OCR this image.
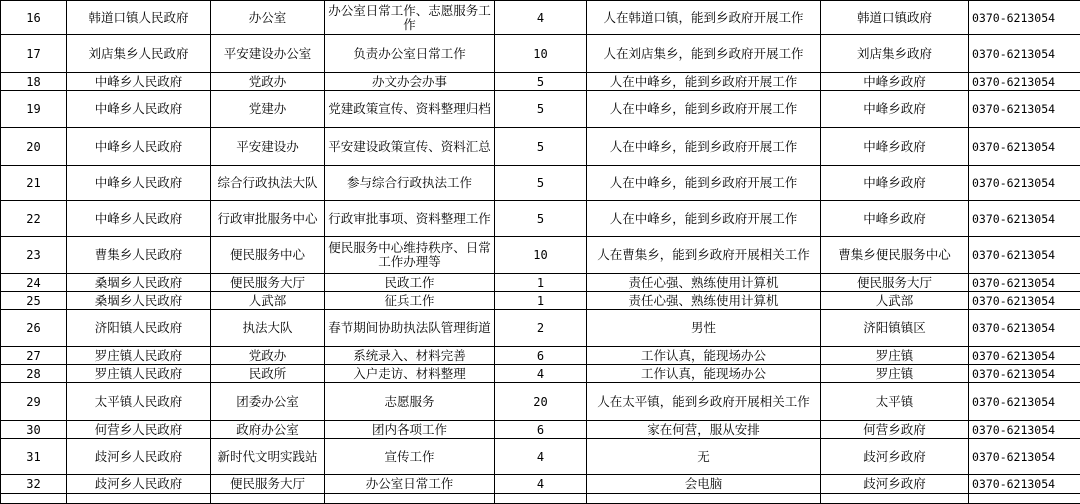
16	韩道口镇人民政府	办公室	办公室日常工作、志愿服务工作	4	人在韩道口镇，能到乡政府开展工作	韩道口镇政府	0370-6213054
17	刘店集乡人民政府	平安建设办公室	负责办公室日常工作	10	人在刘店集乡，能到乡政府开展工作	刘店集乡政府	0370-6213054
18	中峰乡人民政府	党政办	办文办会办事	5	人在中峰乡，能到乡政府开展工作	中峰乡政府	0370-6213054
19	中峰乡人民政府	党建办	党建政策宣传、资料整理归档	5	人在中峰乡，能到乡政府开展工作	中峰乡政府	0370-6213054
20	中峰乡人民政府	平安建设办	平安建设政策宣传、资料汇总	5	人在中峰乡，能到乡政府开展工作	中峰乡政府	0370-6213054
21	中峰乡人民政府	综合行政执法大队	参与综合行政执法工作	5	人在中峰乡，能到乡政府开展工作	中峰乡政府	0370-6213054
22	中峰乡人民政府	行政审批服务中心	行政审批事项、资料整理工作	5	人在中峰乡，能到乡政府开展工作	中峰乡政府	0370-6213054
23	曹集乡人民政府	便民服务中心	便民服务中心维持秩序、日常工作办理等	10	人在曹集乡，能到乡政府开展相关工作	曹集乡便民服务中心	0370-6213054
24	桑堌乡人民政府	便民服务大厅	民政工作	1	责任心强、熟练使用计算机	便民服务大厅	0370-6213054
25	桑堌乡人民政府	人武部	征兵工作	1	责任心强、熟练使用计算机	人武部	0370-6213054
26	济阳镇人民政府	执法大队	春节期间协助执法队管理街道	2	男性	济阳镇镇区	0370-6213054
27	罗庄镇人民政府	党政办	系统录入、材料完善	6	工作认真，能现场办公	罗庄镇	0370-6213054
28	罗庄镇人民政府	民政所	入户走访、材料整理	4	工作认真，能现场办公	罗庄镇	0370-6213054
29	太平镇人民政府	团委办公室	志愿服务	20	人在太平镇，能到乡政府开展相关工作	太平镇	0370-6213054
30	何营乡人民政府	政府办公室	团内各项工作	6	家在何营，服从安排	何营乡政府	0370-6213054
31	歧河乡人民政府	新时代文明实践站	宣传工作	4	无	歧河乡政府	0370-6213054
32	歧河乡人民政府	便民服务大厅	办公室日常工作	4	会电脑	歧河乡政府	0370-6213054
